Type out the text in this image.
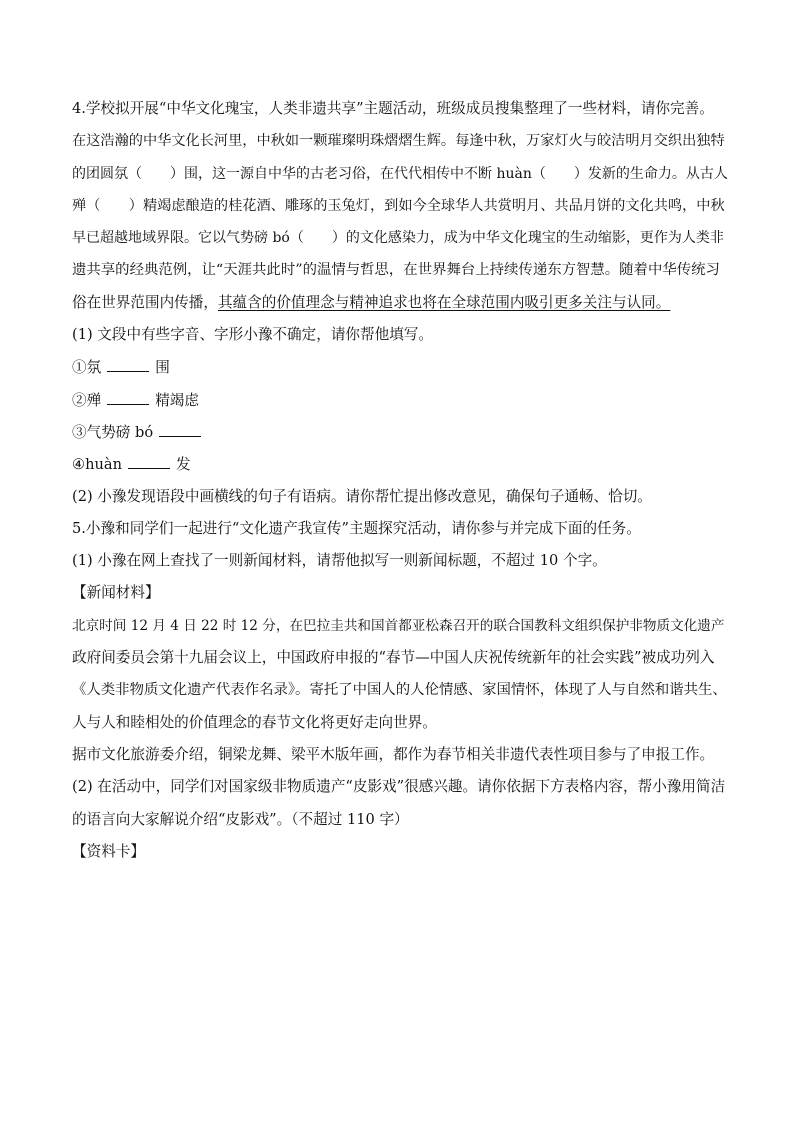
4.学校拟开展“中华文化瑰宝，人类非遗共享”主题活动，班级成员搜集整理了一些材料，请你完善。
在这浩瀚的中华文化长河里，中秋如一颗璀璨明珠熠熠生辉。每逢中秋，万家灯火与皎洁明月交织出独特
的团圆氛（　　）围，这一源自中华的古老习俗，在代代相传中不断 huàn（　　）发新的生命力。从古人
殚（　　）精竭虑酿造的桂花酒、雕琢的玉兔灯，到如今全球华人共赏明月、共品月饼的文化共鸣，中秋
早已超越地域界限。它以气势磅 bó（　　）的文化感染力，成为中华文化瑰宝的生动缩影，更作为人类非
遗共享的经典范例，让“天涯共此时”的温情与哲思，在世界舞台上持续传递东方智慧。随着中华传统习
俗在世界范围内传播，其蕴含的价值理念与精神追求也将在全球范围内吸引更多关注与认同。
(1) 文段中有些字音、字形小豫不确定，请你帮他填写。
①氛	围
②殚	精竭虑
③气势磅 bó
④huàn	发
(2) 小豫发现语段中画横线的句子有语病。请你帮忙提出修改意见，确保句子通畅、恰切。
5.小豫和同学们一起进行“文化遗产我宣传”主题探究活动，请你参与并完成下面的任务。
(1) 小豫在网上查找了一则新闻材料，请帮他拟写一则新闻标题，不超过 10 个字。
【新闻材料】
北京时间 12 月 4 日 22 时 12 分，在巴拉圭共和国首都亚松森召开的联合国教科文组织保护非物质文化遗产
政府间委员会第十九届会议上，中国政府申报的“春节—中国人庆祝传统新年的社会实践”被成功列入
《人类非物质文化遗产代表作名录》。寄托了中国人的人伦情感、家国情怀，体现了人与自然和谐共生、
人与人和睦相处的价值理念的春节文化将更好走向世界。
据市文化旅游委介绍，铜梁龙舞、梁平木版年画，都作为春节相关非遗代表性项目参与了申报工作。
(2) 在活动中，同学们对国家级非物质遗产“皮影戏”很感兴趣。请你依据下方表格内容，帮小豫用简洁
的语言向大家解说介绍“皮影戏”。（不超过 110 字）
【资料卡】
